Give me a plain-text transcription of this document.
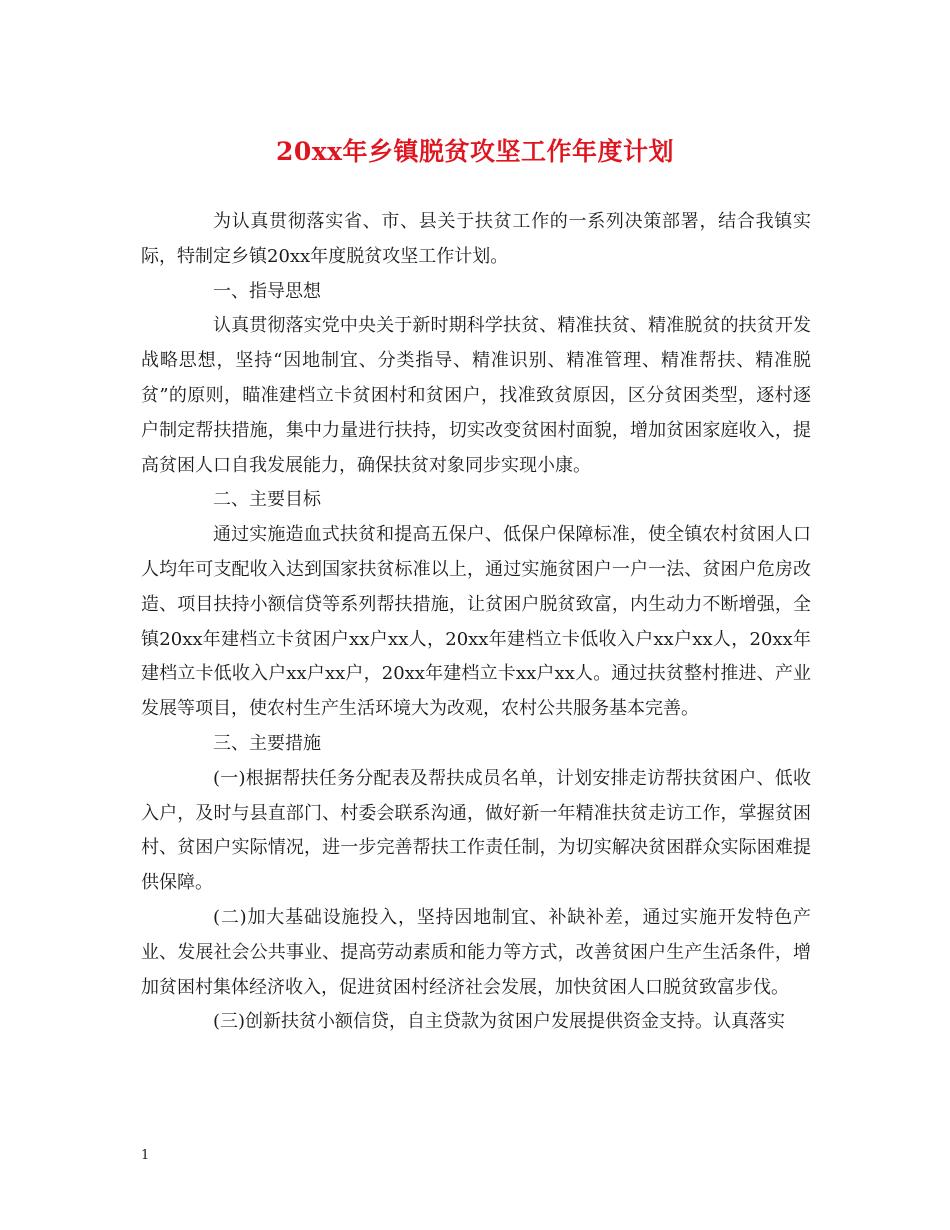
20xx年乡镇脱贫攻坚工作年度计划

为认真贯彻落实省、市、县关于扶贫工作的一系列决策部署，结合我镇实际，特制定乡镇20xx年度脱贫攻坚工作计划。

一、指导思想

认真贯彻落实党中央关于新时期科学扶贫、精准扶贫、精准脱贫的扶贫开发战略思想，坚持“因地制宜、分类指导、精准识别、精准管理、精准帮扶、精准脱贫”的原则，瞄准建档立卡贫困村和贫困户，找准致贫原因，区分贫困类型，逐村逐户制定帮扶措施，集中力量进行扶持，切实改变贫困村面貌，增加贫困家庭收入，提高贫困人口自我发展能力，确保扶贫对象同步实现小康。

二、主要目标

通过实施造血式扶贫和提高五保户、低保户保障标准，使全镇农村贫困人口人均年可支配收入达到国家扶贫标准以上，通过实施贫困户一户一法、贫困户危房改造、项目扶持小额信贷等系列帮扶措施，让贫困户脱贫致富，内生动力不断增强，全镇20xx年建档立卡贫困户xx户xx人，20xx年建档立卡低收入户xx户xx人，20xx年建档立卡低收入户xx户xx户，20xx年建档立卡xx户xx人。通过扶贫整村推进、产业发展等项目，使农村生产生活环境大为改观，农村公共服务基本完善。

三、主要措施

(一)根据帮扶任务分配表及帮扶成员名单，计划安排走访帮扶贫困户、低收入户，及时与县直部门、村委会联系沟通，做好新一年精准扶贫走访工作，掌握贫困村、贫困户实际情况，进一步完善帮扶工作责任制，为切实解决贫困群众实际困难提供保障。

(二)加大基础设施投入，坚持因地制宜、补缺补差，通过实施开发特色产业、发展社会公共事业、提高劳动素质和能力等方式，改善贫困户生产生活条件，增加贫困村集体经济收入，促进贫困村经济社会发展，加快贫困人口脱贫致富步伐。

(三)创新扶贫小额信贷，自主贷款为贫困户发展提供资金支持。认真落实

1
